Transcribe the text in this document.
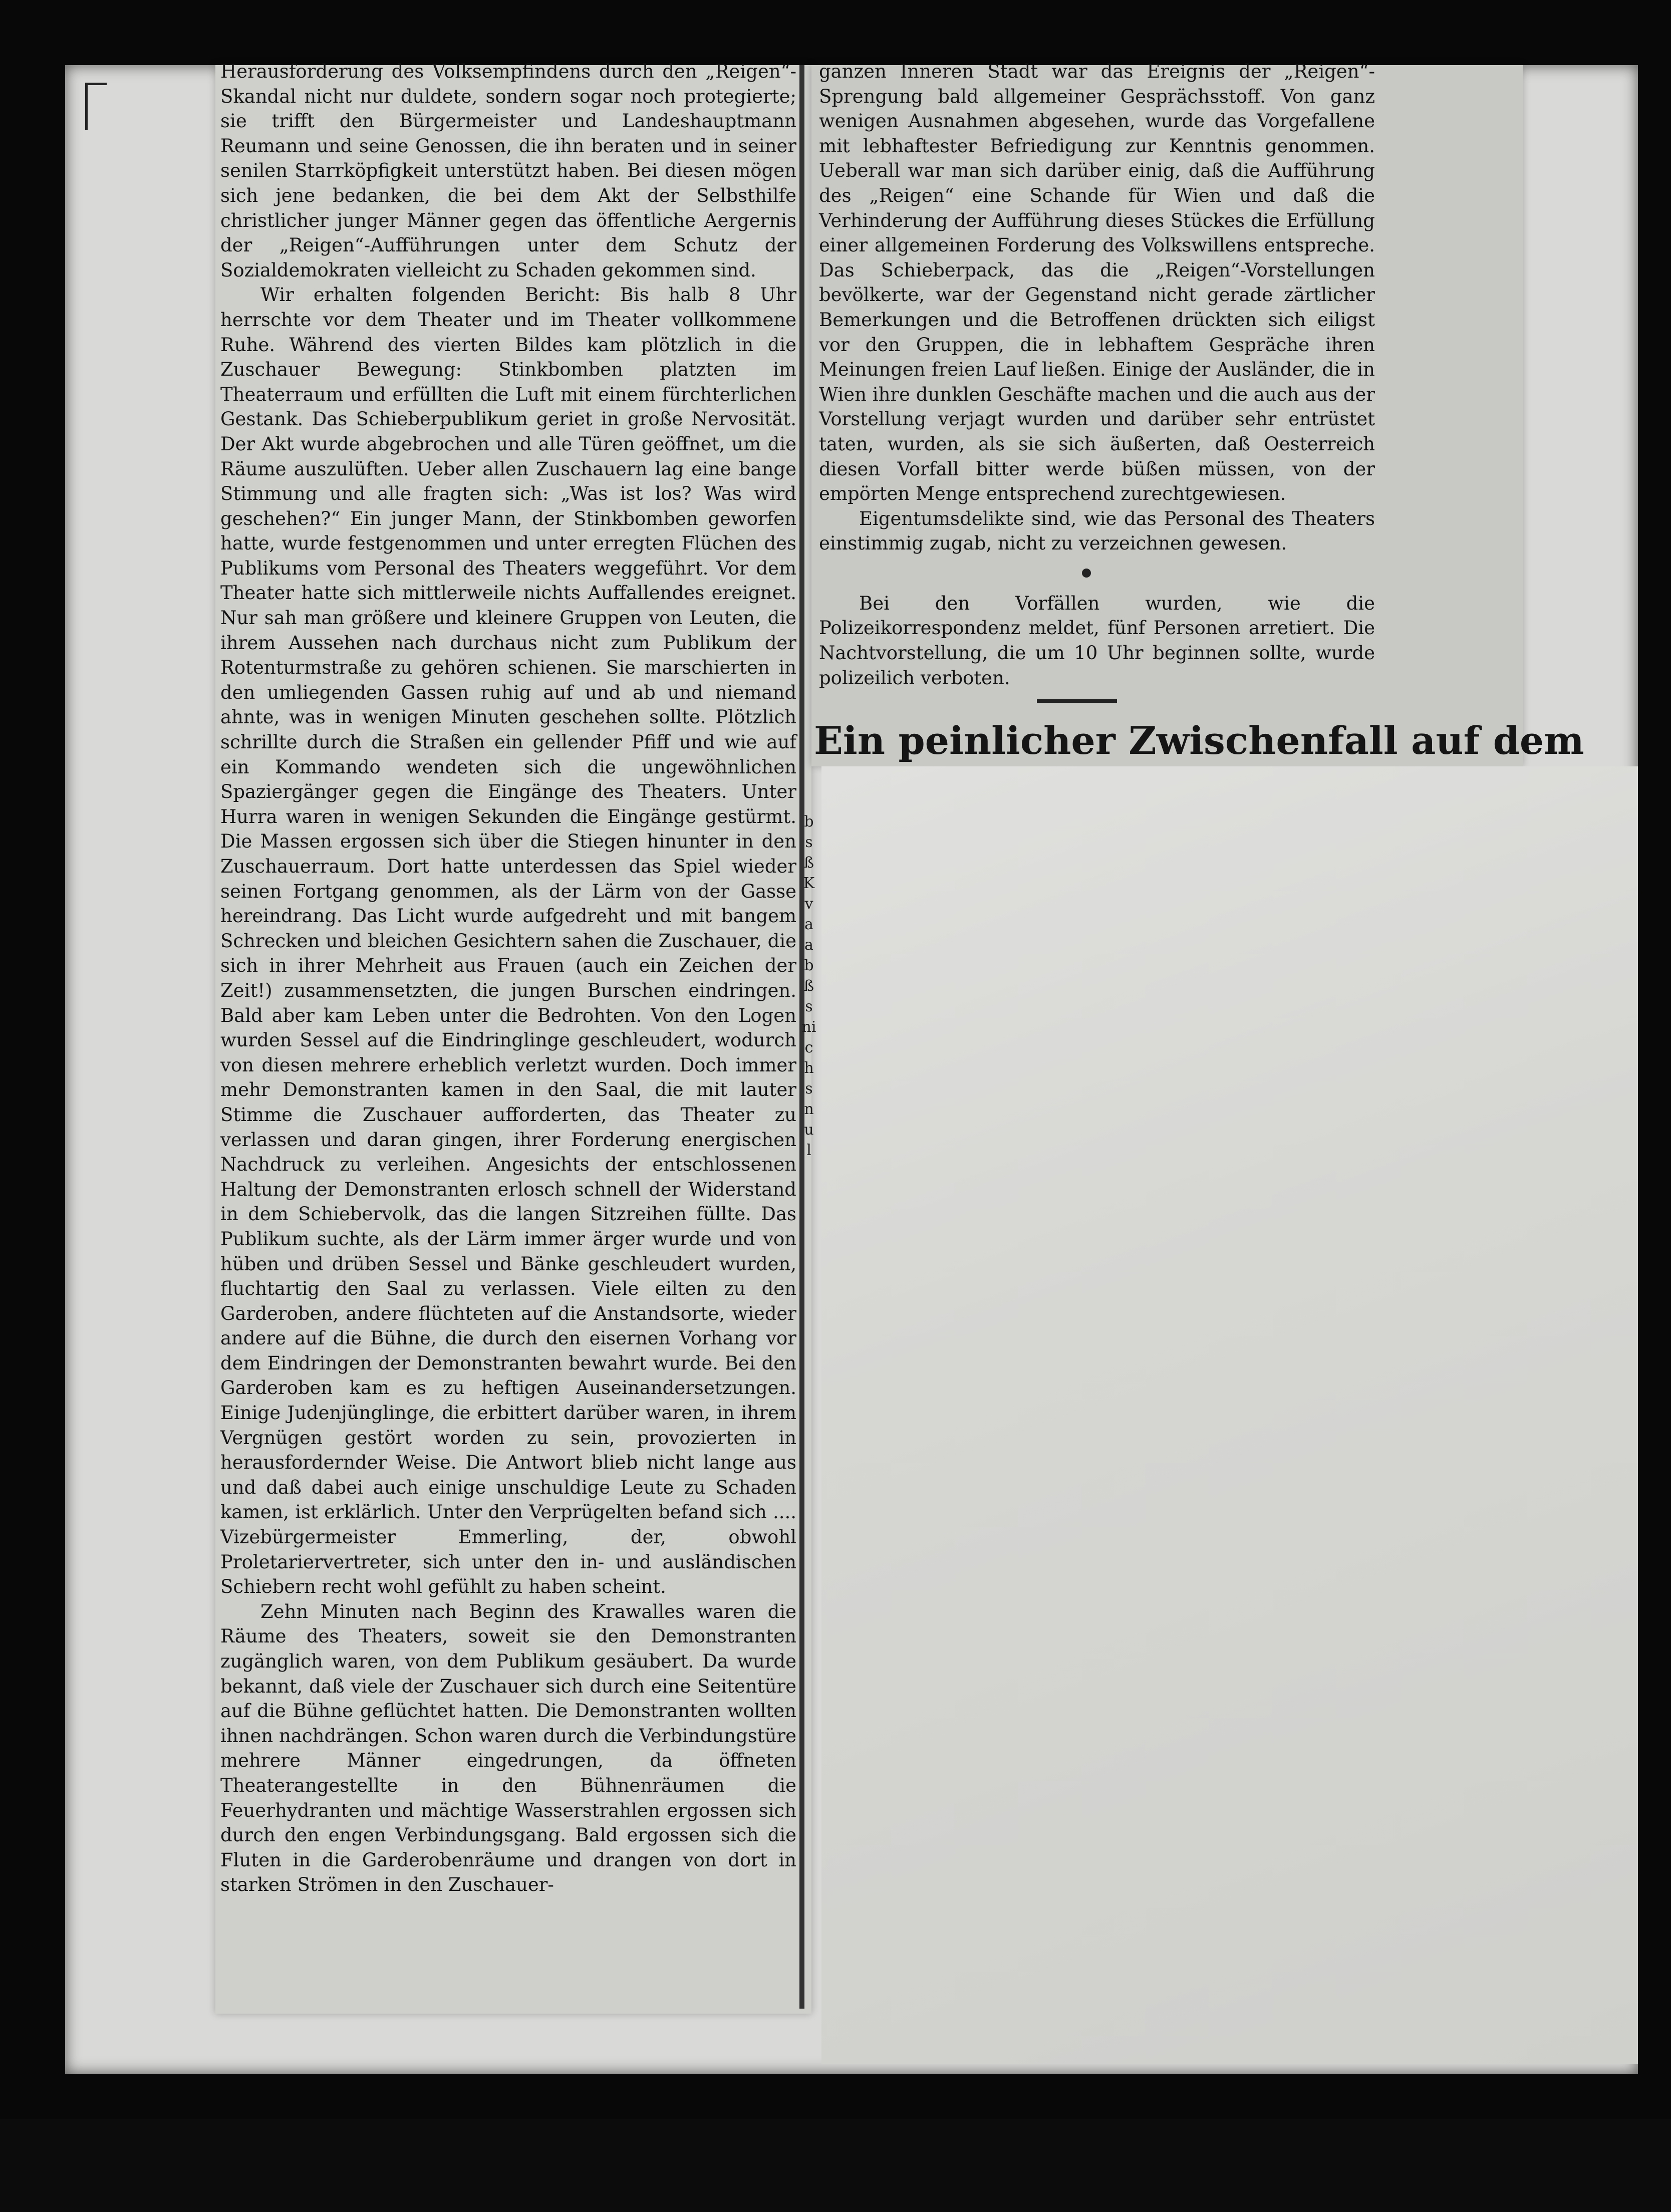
Herausforderung des Volksempfindens durch den „Reigen“-Skandal nicht nur duldete, sondern sogar noch protegierte; sie trifft den Bürgermeister und Landeshauptmann Reumann und seine Genossen, die ihn beraten und in seiner senilen Starrköpfigkeit unterstützt haben. Bei diesen mögen sich jene bedanken, die bei dem Akt der Selbsthilfe christlicher junger Männer gegen das öffentliche Aergernis der „Reigen“-Aufführungen unter dem Schutz der Sozialdemokraten vielleicht zu Schaden gekommen sind.

Wir erhalten folgenden Bericht: Bis halb 8 Uhr herrschte vor dem Theater und im Theater vollkommene Ruhe. Während des vierten Bildes kam plötzlich in die Zuschauer Bewegung: Stinkbomben platzten im Theaterraum und erfüllten die Luft mit einem fürchterlichen Gestank. Das Schieberpublikum geriet in große Nervosität. Der Akt wurde abgebrochen und alle Türen geöffnet, um die Räume auszulüften. Ueber allen Zuschauern lag eine bange Stimmung und alle fragten sich: „Was ist los? Was wird geschehen?“ Ein junger Mann, der Stinkbomben geworfen hatte, wurde festgenommen und unter erregten Flüchen des Publikums vom Personal des Theaters weggeführt. Vor dem Theater hatte sich mittlerweile nichts Auffallendes ereignet. Nur sah man größere und kleinere Gruppen von Leuten, die ihrem Aussehen nach durchaus nicht zum Publikum der Rotenturmstraße zu gehören schienen. Sie marschierten in den umliegenden Gassen ruhig auf und ab und niemand ahnte, was in wenigen Minuten geschehen sollte. Plötzlich schrillte durch die Straßen ein gellender Pfiff und wie auf ein Kommando wendeten sich die ungewöhnlichen Spaziergänger gegen die Eingänge des Theaters. Unter Hurra waren in wenigen Sekunden die Eingänge gestürmt. Die Massen ergossen sich über die Stiegen hinunter in den Zuschauerraum. Dort hatte unterdessen das Spiel wieder seinen Fortgang genommen, als der Lärm von der Gasse hereindrang. Das Licht wurde aufgedreht und mit bangem Schrecken und bleichen Gesichtern sahen die Zuschauer, die sich in ihrer Mehrheit aus Frauen (auch ein Zeichen der Zeit!) zusammensetzten, die jungen Burschen eindringen. Bald aber kam Leben unter die Bedrohten. Von den Logen wurden Sessel auf die Eindringlinge geschleudert, wodurch von diesen mehrere erheblich verletzt wurden. Doch immer mehr Demonstranten kamen in den Saal, die mit lauter Stimme die Zuschauer aufforderten, das Theater zu verlassen und daran gingen, ihrer Forderung energischen Nachdruck zu verleihen. Angesichts der entschlossenen Haltung der Demonstranten erlosch schnell der Widerstand in dem Schiebervolk, das die langen Sitzreihen füllte. Das Publikum suchte, als der Lärm immer ärger wurde und von hüben und drüben Sessel und Bänke geschleudert wurden, fluchtartig den Saal zu verlassen. Viele eilten zu den Garderoben, andere flüchteten auf die Anstandsorte, wieder andere auf die Bühne, die durch den eisernen Vorhang vor dem Eindringen der Demonstranten bewahrt wurde. Bei den Garderoben kam es zu heftigen Auseinandersetzungen. Einige Judenjünglinge, die erbittert darüber waren, in ihrem Vergnügen gestört worden zu sein, provozierten in herausfordernder Weise. Die Antwort blieb nicht lange aus und daß dabei auch einige unschuldige Leute zu Schaden kamen, ist erklärlich. Unter den Verprügelten befand sich .... Vizebürgermeister Emmerling, der, obwohl Proletariervertreter, sich unter den in- und ausländischen Schiebern recht wohl gefühlt zu haben scheint.

Zehn Minuten nach Beginn des Krawalles waren die Räume des Theaters, soweit sie den Demonstranten zugänglich waren, von dem Publikum gesäubert. Da wurde bekannt, daß viele der Zuschauer sich durch eine Seitentüre auf die Bühne geflüchtet hatten. Die Demonstranten wollten ihnen nachdrängen. Schon waren durch die Verbindungstüre mehrere Männer eingedrungen, da öffneten Theaterangestellte in den Bühnenräumen die Feuerhydranten und mächtige Wasserstrahlen ergossen sich durch den engen Verbindungsgang. Bald ergossen sich die Fluten in die Garderobenräume und drangen von dort in starken Strömen in den Zuschauer-

ganzen Inneren Stadt war das Ereignis der „Reigen“-Sprengung bald allgemeiner Gesprächsstoff. Von ganz wenigen Ausnahmen abgesehen, wurde das Vorgefallene mit lebhaftester Befriedigung zur Kenntnis genommen. Ueberall war man sich darüber einig, daß die Aufführung des „Reigen“ eine Schande für Wien und daß die Verhinderung der Aufführung dieses Stückes die Erfüllung einer allgemeinen Forderung des Volkswillens entspreche. Das Schieberpack, das die „Reigen“-Vorstellungen bevölkerte, war der Gegenstand nicht gerade zärtlicher Bemerkungen und die Betroffenen drückten sich eiligst vor den Gruppen, die in lebhaftem Gespräche ihren Meinungen freien Lauf ließen. Einige der Ausländer, die in Wien ihre dunklen Geschäfte machen und die auch aus der Vorstellung verjagt wurden und darüber sehr entrüstet taten, wurden, als sie sich äußerten, daß Oesterreich diesen Vorfall bitter werde büßen müssen, von der empörten Menge entsprechend zurechtgewiesen.

Eigentumsdelikte sind, wie das Personal des Theaters einstimmig zugab, nicht zu verzeichnen gewesen.

Bei den Vorfällen wurden, wie die Polizeikorrespondenz meldet, fünf Personen arretiert. Die Nachtvorstellung, die um 10 Uhr beginnen sollte, wurde polizeilich verboten.

Ein peinlicher Zwischenfall auf dem
bsßKvaabßsnichs nu l
